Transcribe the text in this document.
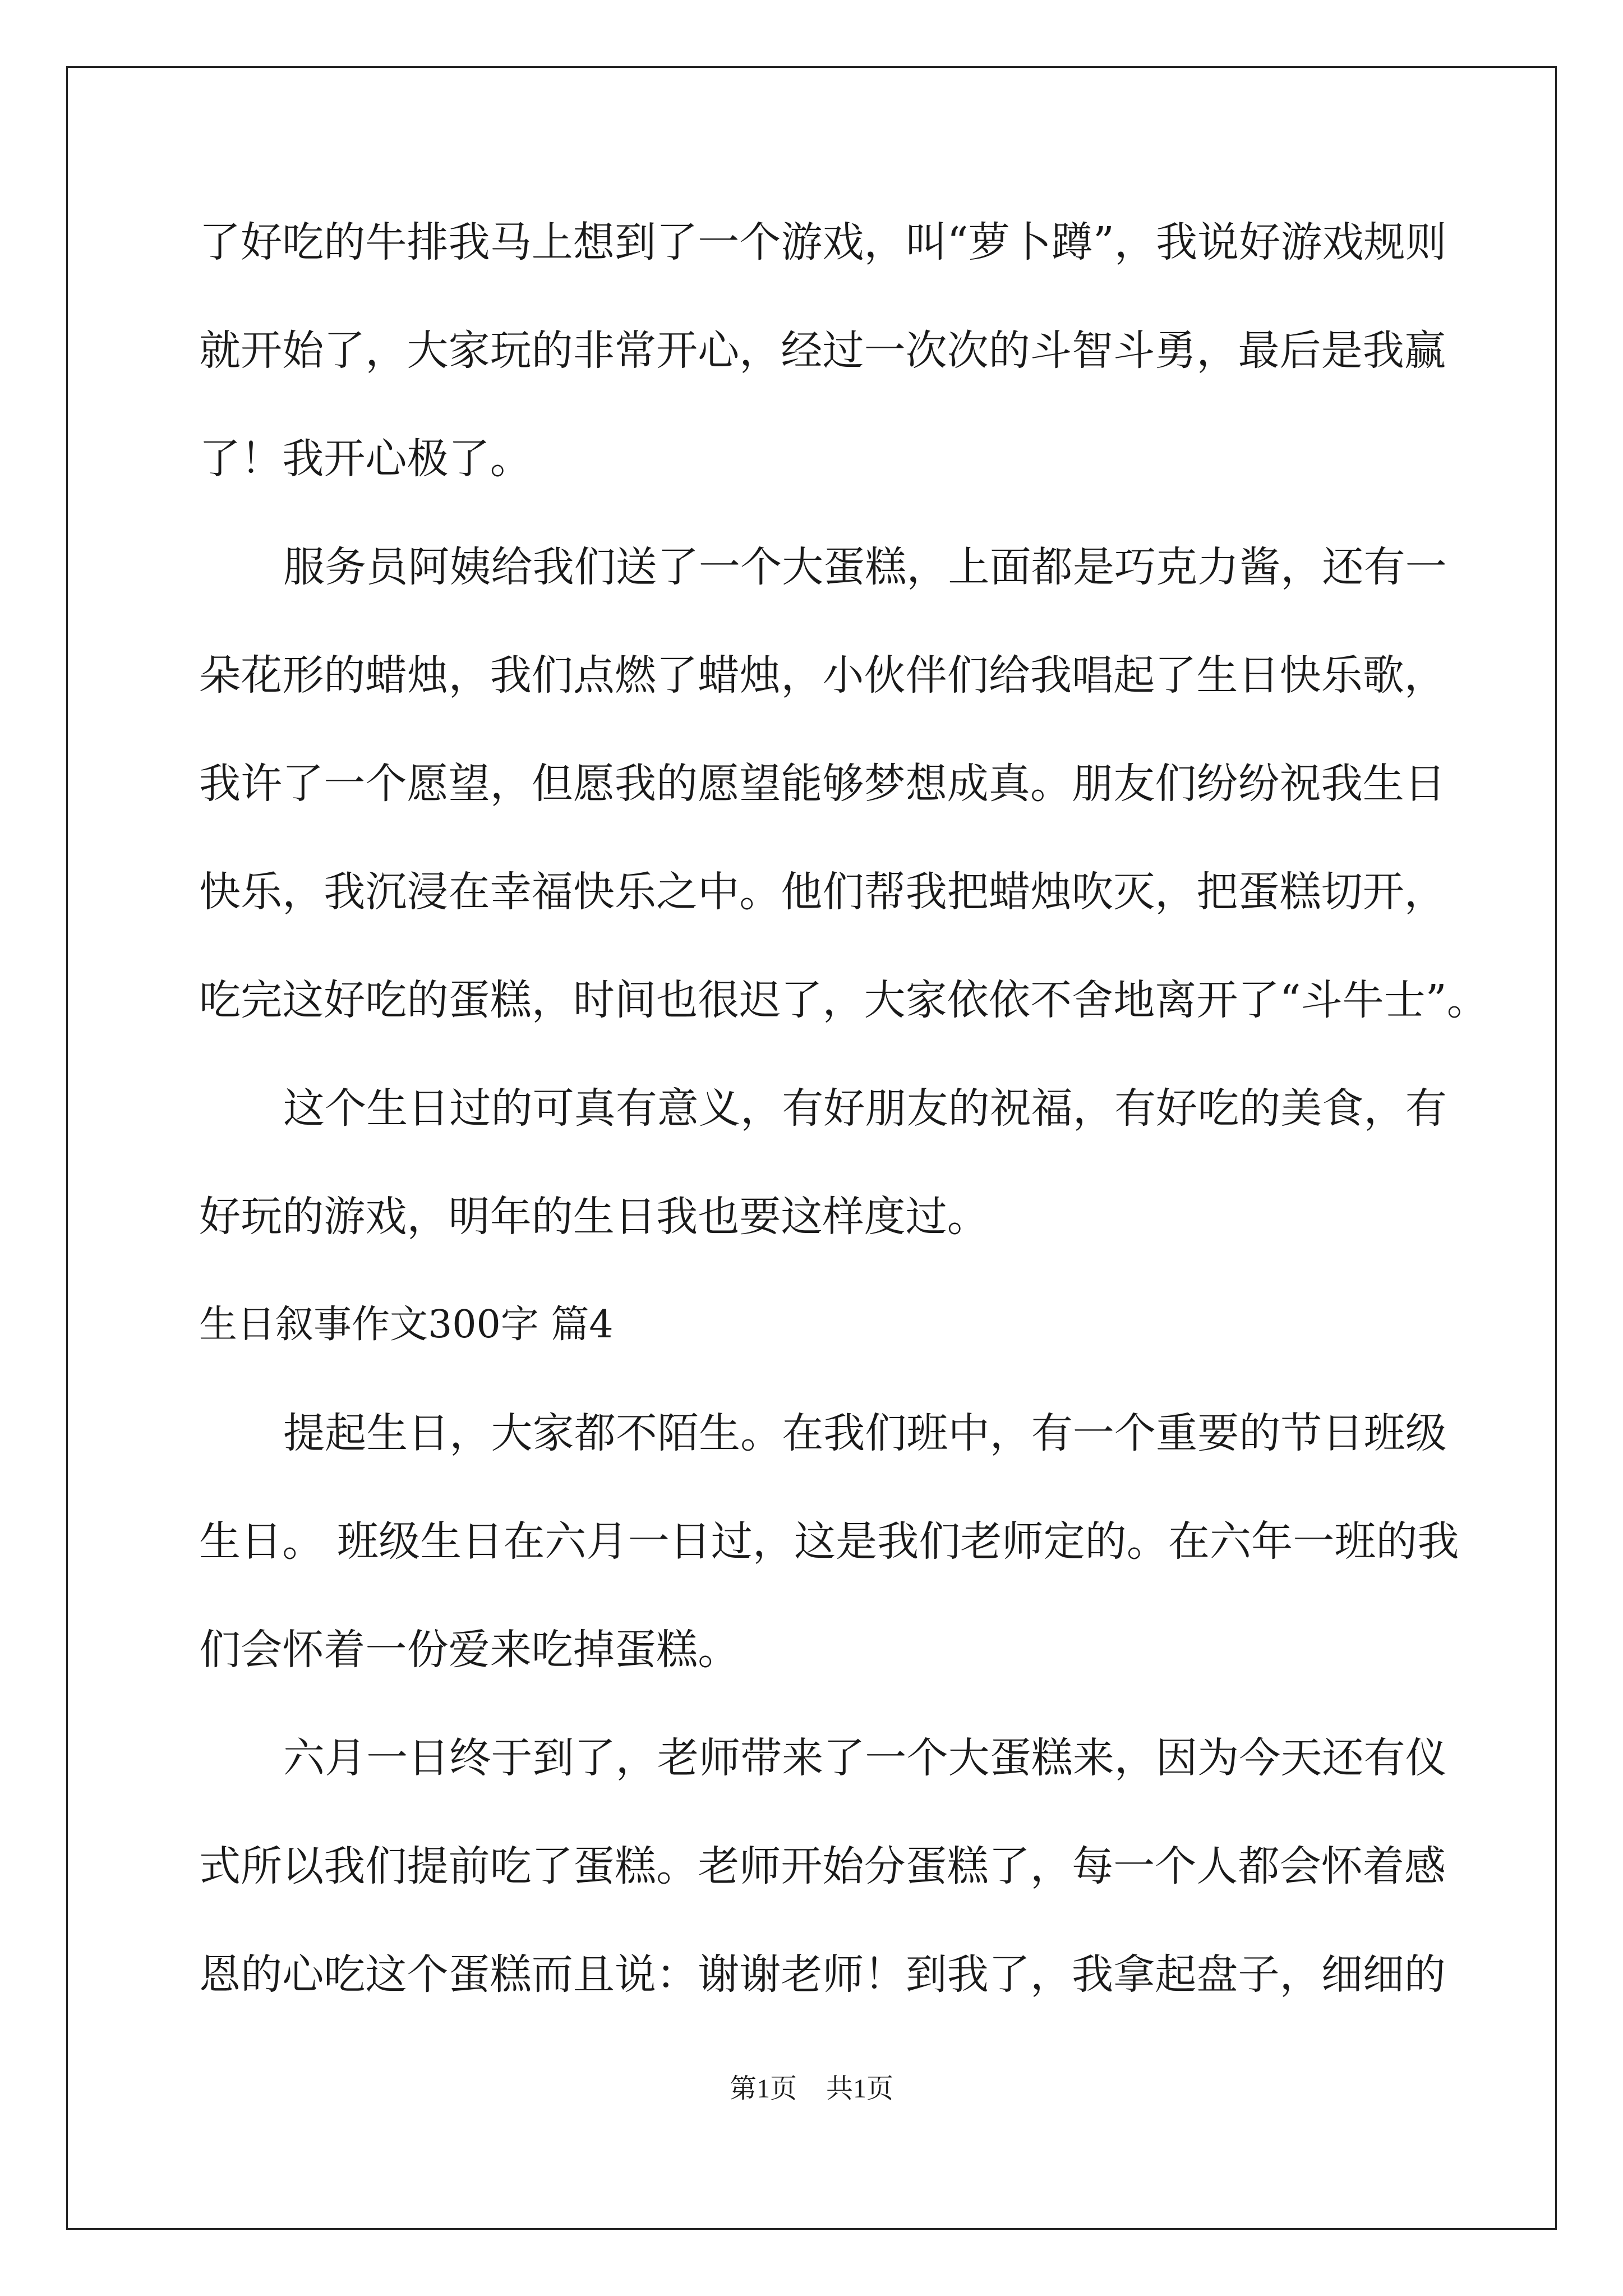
了好吃的牛排我马上想到了一个游戏，叫“萝卜蹲”，我说好游戏规则
就开始了，大家玩的非常开心，经过一次次的斗智斗勇，最后是我赢
了！我开心极了。
服务员阿姨给我们送了一个大蛋糕，上面都是巧克力酱，还有一
朵花形的蜡烛，我们点燃了蜡烛，小伙伴们给我唱起了生日快乐歌，
我许了一个愿望，但愿我的愿望能够梦想成真。朋友们纷纷祝我生日
快乐，我沉浸在幸福快乐之中。他们帮我把蜡烛吹灭，把蛋糕切开，
吃完这好吃的蛋糕，时间也很迟了，大家依依不舍地离开了“斗牛士”。
这个生日过的可真有意义，有好朋友的祝福，有好吃的美食，有
好玩的游戏，明年的生日我也要这样度过。
生日叙事作文300字 篇4
提起生日，大家都不陌生。在我们班中，有一个重要的节日班级
生日。 班级生日在六月一日过，这是我们老师定的。在六年一班的我
们会怀着一份爱来吃掉蛋糕。
六月一日终于到了，老师带来了一个大蛋糕来，因为今天还有仪
式所以我们提前吃了蛋糕。老师开始分蛋糕了，每一个人都会怀着感
恩的心吃这个蛋糕而且说：谢谢老师！到我了，我拿起盘子，细细的
第1页 共1页
